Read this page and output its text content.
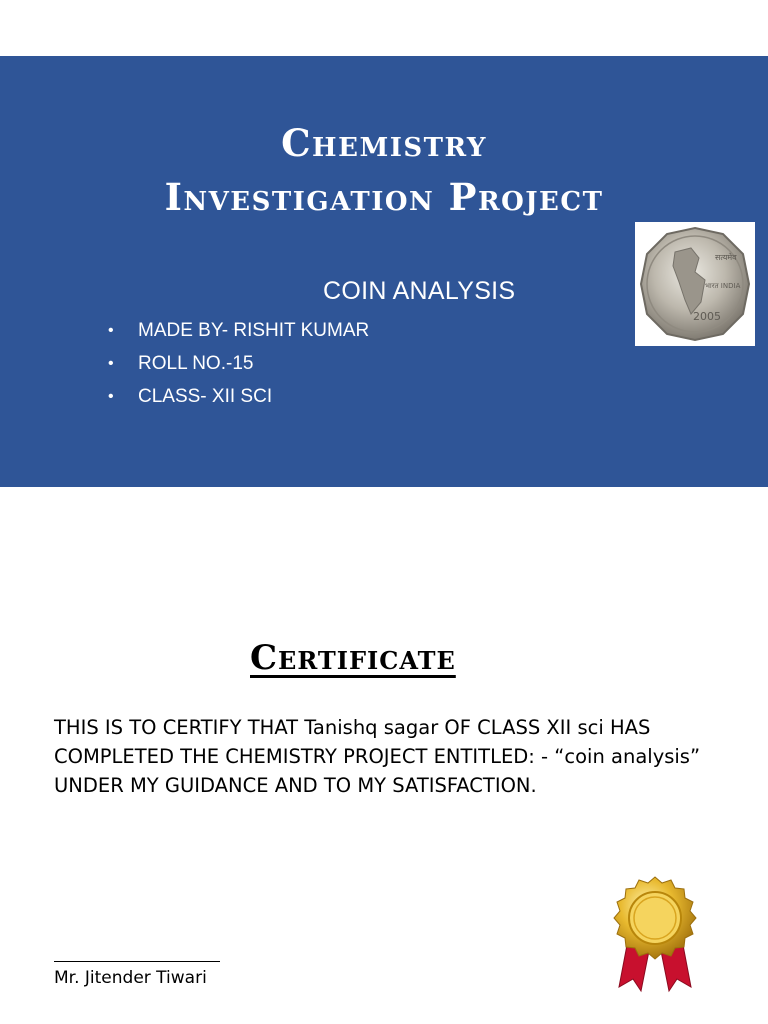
Chemistry
Investigation Project
COIN ANALYSIS
• MADE BY- RISHIT KUMAR
• ROLL NO.-15
• CLASS- XII SCI
सत्यमेव
भारत INDIA
2005
Certificate
THIS IS TO CERTIFY THAT Tanishq sagar OF CLASS XII sci HAS COMPLETED THE CHEMISTRY PROJECT ENTITLED: - “coin analysis” UNDER MY GUIDANCE AND TO MY SATISFACTION.
Mr. Jitender Tiwari
